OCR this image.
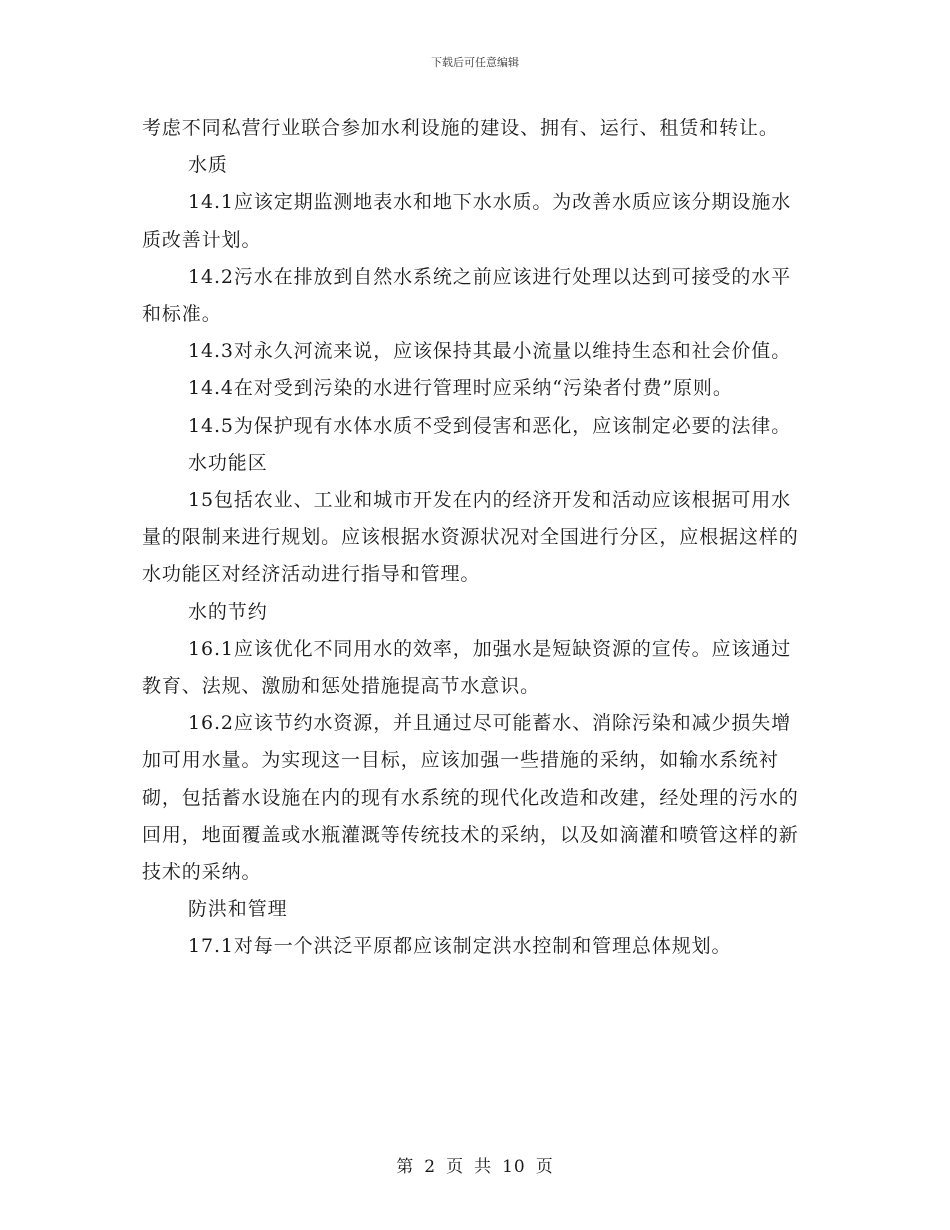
下载后可任意编辑

考虑不同私营行业联合参加水利设施的建设、拥有、运行、租赁和转让。

水质

14.1应该定期监测地表水和地下水水质。为改善水质应该分期设施水质改善计划。

14.2污水在排放到自然水系统之前应该进行处理以达到可接受的水平和标准。

14.3对永久河流来说，应该保持其最小流量以维持生态和社会价值。

14.4在对受到污染的水进行管理时应采纳“污染者付费”原则。

14.5为保护现有水体水质不受到侵害和恶化，应该制定必要的法律。

水功能区

15包括农业、工业和城市开发在内的经济开发和活动应该根据可用水量的限制来进行规划。应该根据水资源状况对全国进行分区，应根据这样的水功能区对经济活动进行指导和管理。

水的节约

16.1应该优化不同用水的效率，加强水是短缺资源的宣传。应该通过教育、法规、激励和惩处措施提高节水意识。

16.2应该节约水资源，并且通过尽可能蓄水、消除污染和减少损失增加可用水量。为实现这一目标，应该加强一些措施的采纳，如输水系统衬砌，包括蓄水设施在内的现有水系统的现代化改造和改建，经处理的污水的回用，地面覆盖或水瓶灌溉等传统技术的采纳，以及如滴灌和喷管这样的新技术的采纳。

防洪和管理

17.1对每一个洪泛平原都应该制定洪水控制和管理总体规划。

第 2 页 共 10 页
